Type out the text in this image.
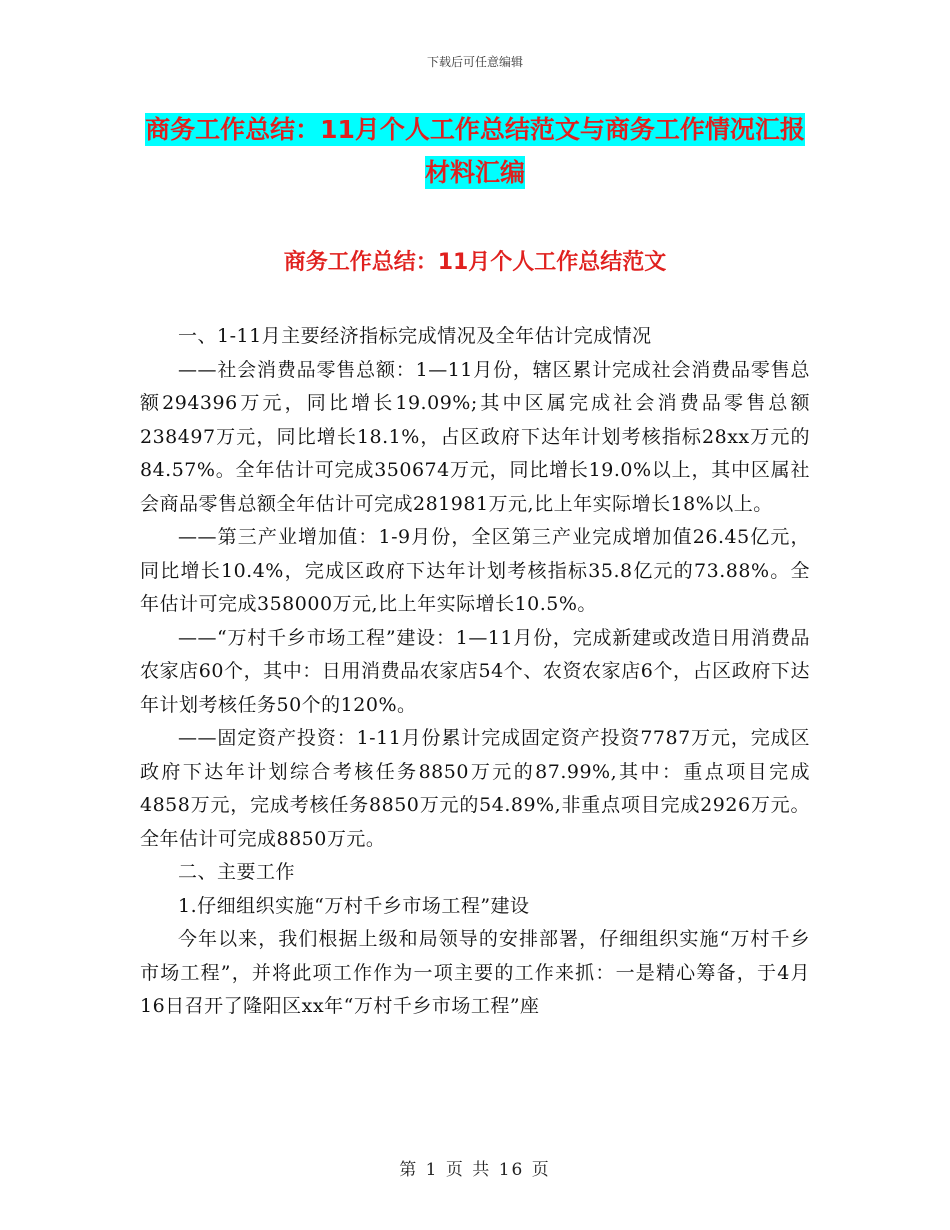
下载后可任意编辑
商务工作总结：11月个人工作总结范文与商务工作情况汇报材料汇编
商务工作总结：11月个人工作总结范文

一、1-11月主要经济指标完成情况及全年估计完成情况

——社会消费品零售总额：1—11月份，辖区累计完成社会消费品零售总额294396万元，同比增长19.09%;其中区属完成社会消费品零售总额238497万元，同比增长18.1%，占区政府下达年计划考核指标28xx万元的84.57%。全年估计可完成350674万元，同比增长19.0%以上，其中区属社会商品零售总额全年估计可完成281981万元,比上年实际增长18%以上。

——第三产业增加值：1-9月份，全区第三产业完成增加值26.45亿元，同比增长10.4%，完成区政府下达年计划考核指标35.8亿元的73.88%。全年估计可完成358000万元,比上年实际增长10.5%。

——“万村千乡市场工程”建设：1—11月份，完成新建或改造日用消费品农家店60个，其中：日用消费品农家店54个、农资农家店6个，占区政府下达年计划考核任务50个的120%。

——固定资产投资：1-11月份累计完成固定资产投资7787万元，完成区政府下达年计划综合考核任务8850万元的87.99%,其中：重点项目完成4858万元，完成考核任务8850万元的54.89%,非重点项目完成2926万元。全年估计可完成8850万元。

二、主要工作

1.仔细组织实施“万村千乡市场工程”建设

今年以来，我们根据上级和局领导的安排部署，仔细组织实施“万村千乡市场工程”，并将此项工作作为一项主要的工作来抓：一是精心筹备，于4月16日召开了隆阳区xx年“万村千乡市场工程”座

第 1 页 共 16 页
